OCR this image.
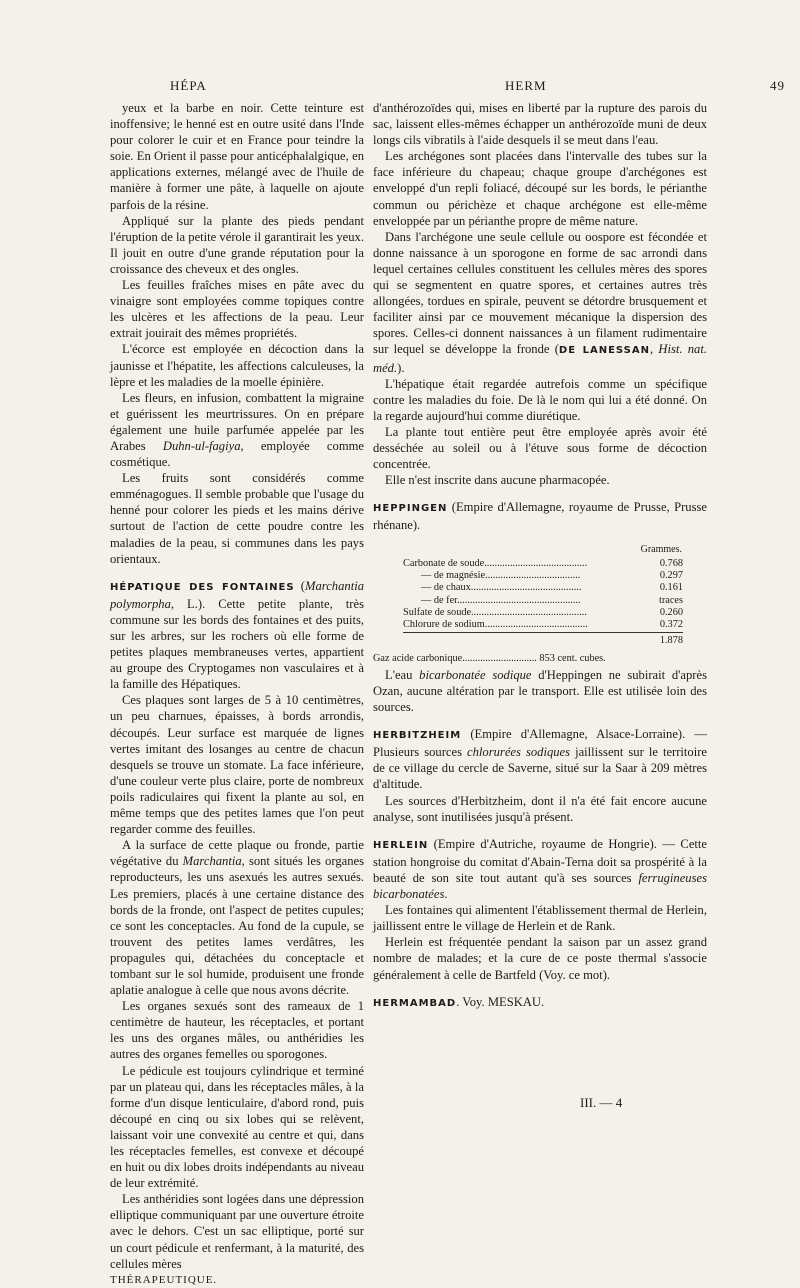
HÉPA	HERM	49

yeux et la barbe en noir. Cette teinture est inoffensive; le henné est en outre usité dans l'Inde pour colorer le cuir et en France pour teindre la soie. En Orient il passe pour anticéphalalgique, en applications externes, mélangé avec de l'huile de manière à former une pâte, à laquelle on ajoute parfois de la résine.

Appliqué sur la plante des pieds pendant l'éruption de la petite vérole il garantirait les yeux. Il jouit en outre d'une grande réputation pour la croissance des cheveux et des ongles.

Les feuilles fraîches mises en pâte avec du vinaigre sont employées comme topiques contre les ulcères et les affections de la peau. Leur extrait jouirait des mêmes propriétés.

L'écorce est employée en décoction dans la jaunisse et l'hépatite, les affections calculeuses, la lèpre et les maladies de la moelle épinière.

Les fleurs, en infusion, combattent la migraine et guérissent les meurtrissures. On en prépare également une huile parfumée appelée par les Arabes Duhn-ul-fagiya, employée comme cosmétique.

Les fruits sont considérés comme emménagogues. Il semble probable que l'usage du henné pour colorer les pieds et les mains dérive surtout de l'action de cette poudre contre les maladies de la peau, si communes dans les pays orientaux.

HÉPATIQUE DES FONTAINES (Marchantia polymorpha, L.). Cette petite plante, très commune sur les bords des fontaines et des puits, sur les arbres, sur les rochers où elle forme de petites plaques membraneuses vertes, appartient au groupe des Cryptogames non vasculaires et à la famille des Hépatiques.

Ces plaques sont larges de 5 à 10 centimètres, un peu charnues, épaisses, à bords arrondis, découpés. Leur surface est marquée de lignes vertes imitant des losanges au centre de chacun desquels se trouve un stomate. La face inférieure, d'une couleur verte plus claire, porte de nombreux poils radiculaires qui fixent la plante au sol, en même temps que des petites lames que l'on peut regarder comme des feuilles.

A la surface de cette plaque ou fronde, partie végétative du Marchantia, sont situés les organes reproducteurs, les uns asexués les autres sexués. Les premiers, placés à une certaine distance des bords de la fronde, ont l'aspect de petites cupules; ce sont les conceptacles. Au fond de la cupule, se trouvent des petites lames verdâtres, les propagules qui, détachées du conceptacle et tombant sur le sol humide, produisent une fronde aplatie analogue à celle que nous avons décrite.

Les organes sexués sont des rameaux de 1 centimètre de hauteur, les réceptacles, et portant les uns des organes mâles, ou anthéridies les autres des organes femelles ou sporogones.

Le pédicule est toujours cylindrique et terminé par un plateau qui, dans les réceptacles mâles, à la forme d'un disque lenticulaire, d'abord rond, puis découpé en cinq ou six lobes qui se relèvent, laissant voir une convexité au centre et qui, dans les réceptacles femelles, est convexe et découpé en huit ou dix lobes droits indépendants au niveau de leur extrémité.

Les anthéridies sont logées dans une dépression elliptique communiquant par une ouverture étroite avec le dehors. C'est un sac elliptique, porté sur un court pédicule et renfermant, à la maturité, des cellules mères

THÉRAPEUTIQUE.

d'anthérozoïdes qui, mises en liberté par la rupture des parois du sac, laissent elles-mêmes échapper un anthérozoïde muni de deux longs cils vibratils à l'aide desquels il se meut dans l'eau.

Les archégones sont placées dans l'intervalle des tubes sur la face inférieure du chapeau; chaque groupe d'archégones est enveloppé d'un repli foliacé, découpé sur les bords, le périanthe commun ou périchèze et chaque archégone est elle-même enveloppée par un périanthe propre de même nature.

Dans l'archégone une seule cellule ou oospore est fécondée et donne naissance à un sporogone en forme de sac arrondi dans lequel certaines cellules constituent les cellules mères des spores qui se segmentent en quatre spores, et certaines autres très allongées, tordues en spirale, peuvent se détordre brusquement et faciliter ainsi par ce mouvement mécanique la dispersion des spores. Celles-ci donnent naissances à un filament rudimentaire sur lequel se développe la fronde (DE LANESSAN, Hist. nat. méd.).

L'hépatique était regardée autrefois comme un spécifique contre les maladies du foie. De là le nom qui lui a été donné. On la regarde aujourd'hui comme diurétique.

La plante tout entière peut être employée après avoir été desséchée au soleil ou à l'étuve sous forme de décoction concentrée.

Elle n'est inscrite dans aucune pharmacopée.

HEPPINGEN (Empire d'Allemagne, royaume de Prusse, Prusse rhénane).

	Grammes.
Carbonate de soude........................................	0.768
— de magnésie.....................................	0.297
— de chaux...........................................	0.161
— de fer................................................	traces
Sulfate de soude.............................................	0.260
Chlorure de sodium........................................	0.372
	1.878

Gaz acide carbonique............................. 853 cent. cubes.

L'eau bicarbonatée sodique d'Heppingen ne subirait d'après Ozan, aucune altération par le transport. Elle est utilisée loin des sources.

HERBITZHEIM (Empire d'Allemagne, Alsace-Lorraine). — Plusieurs sources chlorurées sodiques jaillissent sur le territoire de ce village du cercle de Saverne, situé sur la Saar à 209 mètres d'altitude.

Les sources d'Herbitzheim, dont il n'a été fait encore aucune analyse, sont inutilisées jusqu'à présent.

HERLEIN (Empire d'Autriche, royaume de Hongrie). — Cette station hongroise du comitat d'Abain-Terna doit sa prospérité à la beauté de son site tout autant qu'à ses sources ferrugineuses bicarbonatées.

Les fontaines qui alimentent l'établissement thermal de Herlein, jaillissent entre le village de Herlein et de Rank.

Herlein est fréquentée pendant la saison par un assez grand nombre de malades; et la cure de ce poste thermal s'associe généralement à celle de Bartfeld (Voy. ce mot).

HERMAMBAD. Voy. MESKAU.

III. — 4
